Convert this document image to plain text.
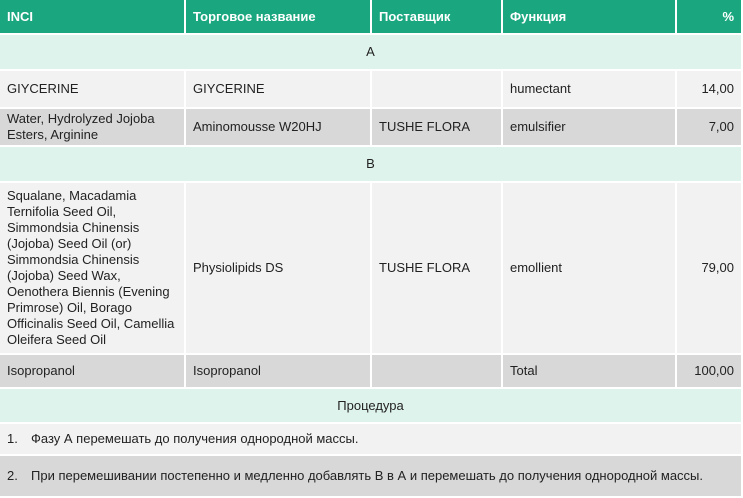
INCI	Торговое название	Поставщик	Функция	%
A				
GIYCERINE	GIYCERINE		humectant	14,00
Water, Hydrolyzed Jojoba Esters, Arginine	Aminomousse W20HJ	TUSHE FLORA	emulsifier	7,00
B				
Squalane, Macadamia Ternifolia Seed Oil, Simmondsia Chinensis (Jojoba) Seed Oil (or) Simmondsia Chinensis (Jojoba) Seed Wax, Oenothera Biennis (Evening Primrose) Oil, Borago Officinalis Seed Oil, Camellia Oleifera Seed Oil	Physiolipids DS	TUSHE FLORA	emollient	79,00
Isopropanol	Isopropanol		Total	100,00
Процедура				

1. Фазу А перемешать до получения однородной массы.				

2. При перемешивании постепенно и медленно добавлять В в А и перемешать до получения однородной массы.				
